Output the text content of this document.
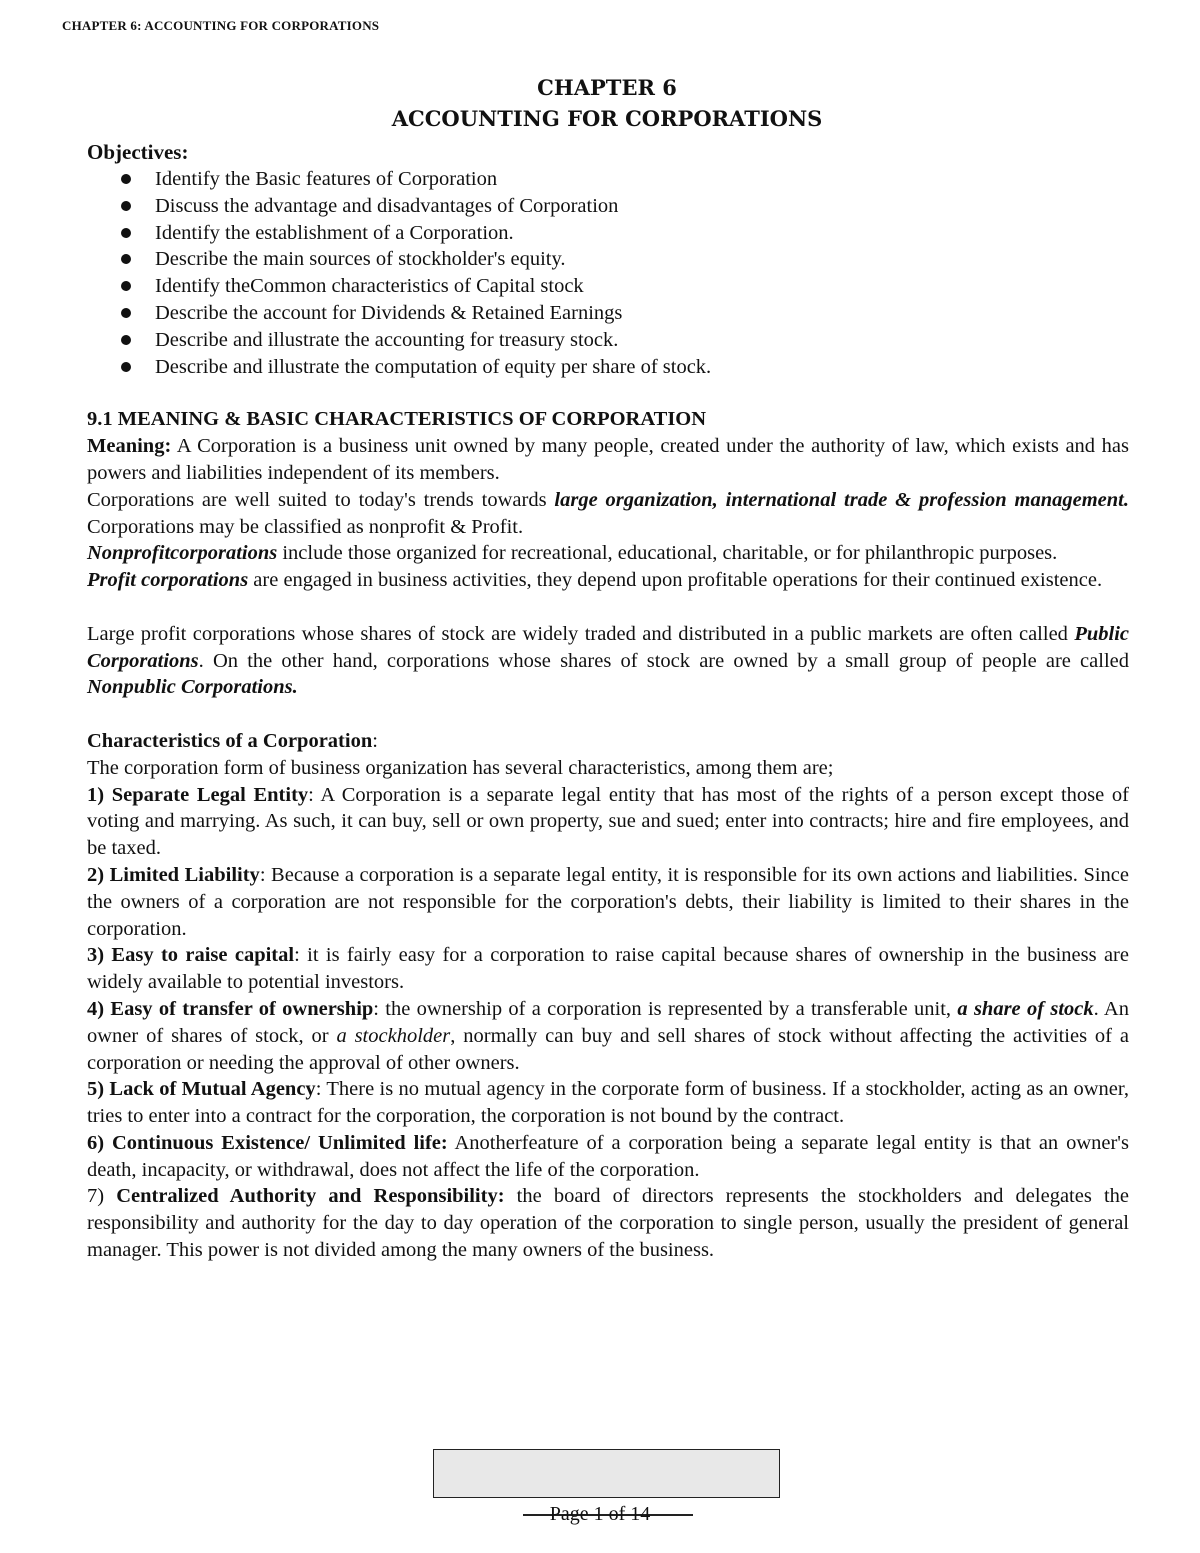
CHAPTER 6: ACCOUNTING FOR CORPORATIONS
CHAPTER 6
ACCOUNTING FOR CORPORATIONS
Objectives:
Identify the Basic features of Corporation
Discuss the advantage and disadvantages of Corporation
Identify the establishment of a Corporation.
Describe the main sources of stockholder's equity.
Identify theCommon characteristics of Capital stock
Describe the account for Dividends & Retained Earnings
Describe and illustrate the accounting for treasury stock.
Describe and illustrate the computation of equity per share of stock.
9.1 MEANING & BASIC CHARACTERISTICS OF CORPORATION

Meaning: A Corporation is a business unit owned by many people, created under the authority of law, which exists and has powers and liabilities independent of its members.

Corporations are well suited to today's trends towards large organization, international trade & profession management. Corporations may be classified as nonprofit & Profit.

Nonprofitcorporations include those organized for recreational, educational, charitable, or for philanthropic purposes.

Profit corporations are engaged in business activities, they depend upon profitable operations for their continued existence.

Large profit corporations whose shares of stock are widely traded and distributed in a public markets are often called Public Corporations. On the other hand, corporations whose shares of stock are owned by a small group of people are called Nonpublic Corporations.

Characteristics of a Corporation:

The corporation form of business organization has several characteristics, among them are;

1) Separate Legal Entity: A Corporation is a separate legal entity that has most of the rights of a person except those of voting and marrying. As such, it can buy, sell or own property, sue and sued; enter into contracts; hire and fire employees, and be taxed.

2) Limited Liability: Because a corporation is a separate legal entity, it is responsible for its own actions and liabilities. Since the owners of a corporation are not responsible for the corporation's debts, their liability is limited to their shares in the corporation.

3) Easy to raise capital: it is fairly easy for a corporation to raise capital because shares of ownership in the business are widely available to potential investors.

4) Easy of transfer of ownership: the ownership of a corporation is represented by a transferable unit, a share of stock. An owner of shares of stock, or a stockholder, normally can buy and sell shares of stock without affecting the activities of a corporation or needing the approval of other owners.

5) Lack of Mutual Agency: There is no mutual agency in the corporate form of business. If a stockholder, acting as an owner, tries to enter into a contract for the corporation, the corporation is not bound by the contract.

6) Continuous Existence/ Unlimited life: Anotherfeature of a corporation being a separate legal entity is that an owner's death, incapacity, or withdrawal, does not affect the life of the corporation.

7) Centralized Authority and Responsibility: the board of directors represents the stockholders and delegates the responsibility and authority for the day to day operation of the corporation to single person, usually the president of general manager. This power is not divided among the many owners of the business.

Page 1 of 14
